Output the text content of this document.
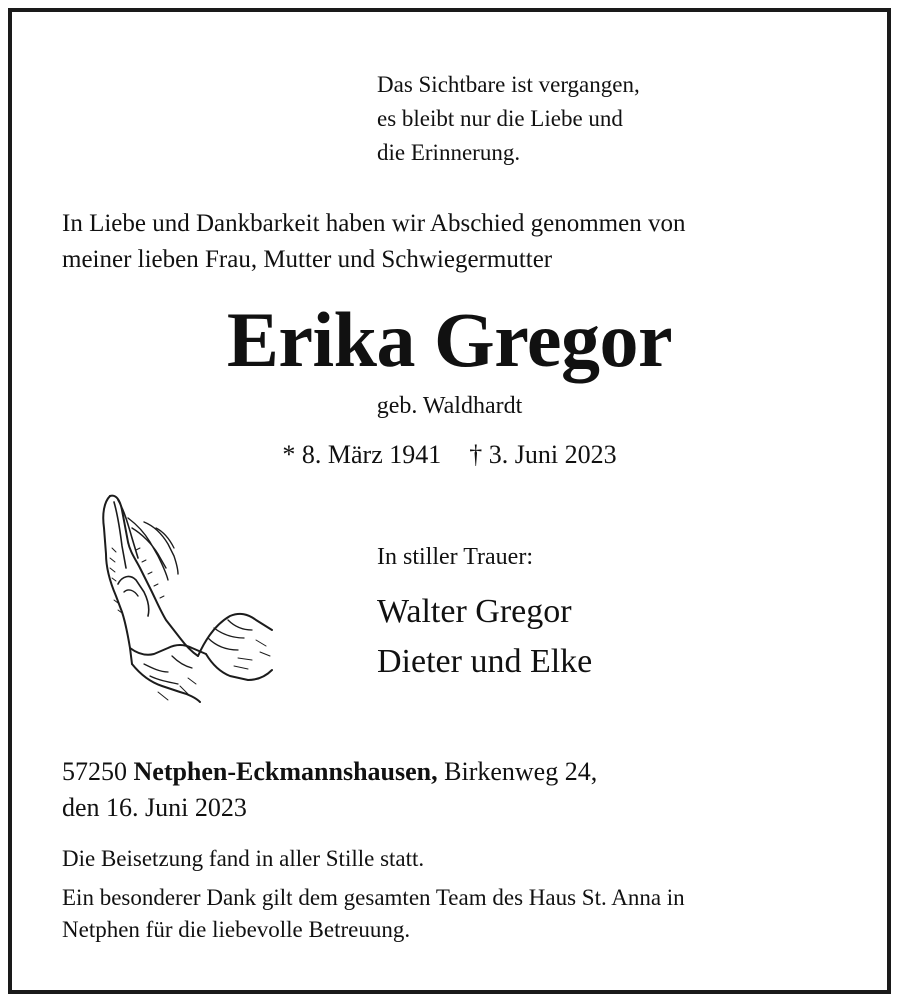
Das Sichtbare ist vergangen,
es bleibt nur die Liebe und
die Erinnerung.
In Liebe und Dankbarkeit haben wir Abschied genommen von
meiner lieben Frau, Mutter und Schwiegermutter
Erika Gregor
geb. Waldhardt
* 8. März 1941 † 3. Juni 2023
In stiller Trauer:
Walter Gregor
Dieter und Elke
57250 Netphen-Eckmannshausen, Birkenweg 24,
den 16. Juni 2023
Die Beisetzung fand in aller Stille statt.
Ein besonderer Dank gilt dem gesamten Team des Haus St. Anna in
Netphen für die liebevolle Betreuung.
